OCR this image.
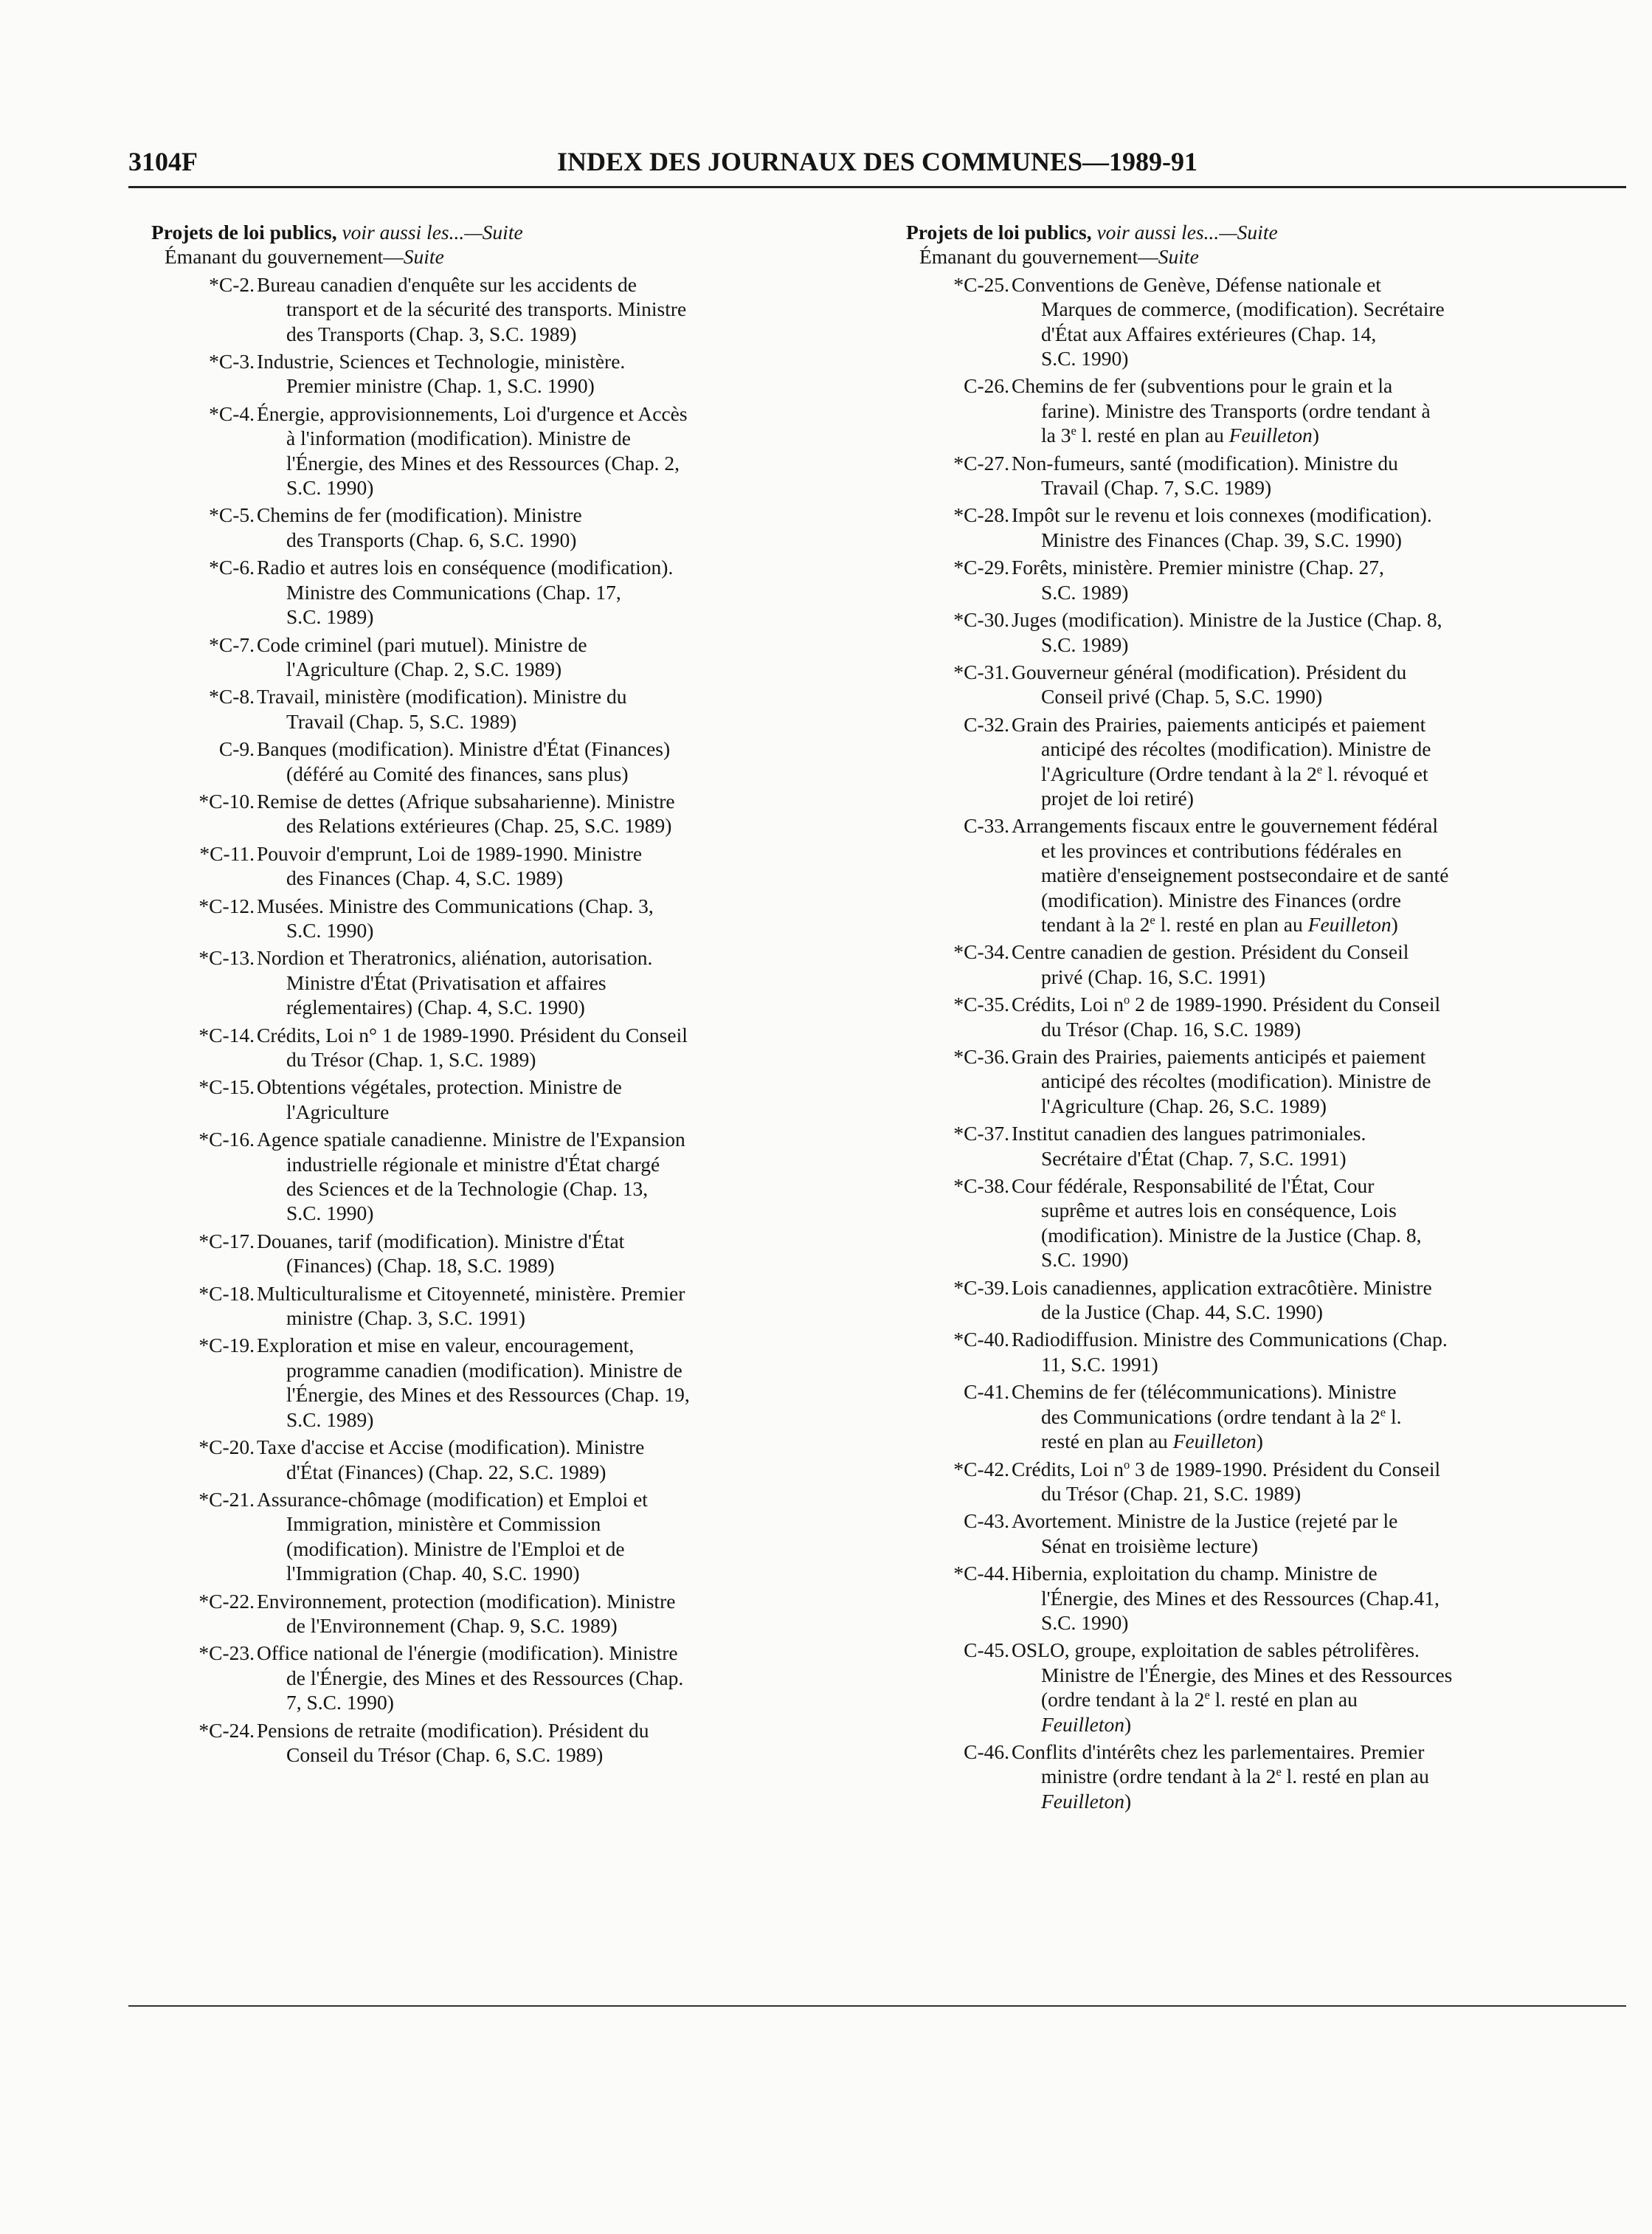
3104F	INDEX DES JOURNAUX DES COMMUNES—1989-91
Projets de loi publics, voir aussi les...—Suite
Émanant du gouvernement—Suite
*C-2. Bureau canadien d'enquête sur les accidents de
transport et de la sécurité des transports. Ministre
des Transports (Chap. 3, S.C. 1989)
*C-3. Industrie, Sciences et Technologie, ministère.
Premier ministre (Chap. 1, S.C. 1990)
*C-4. Énergie, approvisionnements, Loi d'urgence et Accès
à l'information (modification). Ministre de
l'Énergie, des Mines et des Ressources (Chap. 2,
S.C. 1990)
*C-5. Chemins de fer (modification). Ministre
des Transports (Chap. 6, S.C. 1990)
*C-6. Radio et autres lois en conséquence (modification).
Ministre des Communications (Chap. 17,
S.C. 1989)
*C-7. Code criminel (pari mutuel). Ministre de
l'Agriculture (Chap. 2, S.C. 1989)
*C-8. Travail, ministère (modification). Ministre du
Travail (Chap. 5, S.C. 1989)
C-9. Banques (modification). Ministre d'État (Finances)
(déféré au Comité des finances, sans plus)
*C-10. Remise de dettes (Afrique subsaharienne). Ministre
des Relations extérieures (Chap. 25, S.C. 1989)
*C-11. Pouvoir d'emprunt, Loi de 1989-1990. Ministre
des Finances (Chap. 4, S.C. 1989)
*C-12. Musées. Ministre des Communications (Chap. 3,
S.C. 1990)
*C-13. Nordion et Theratronics, aliénation, autorisation.
Ministre d'État (Privatisation et affaires
réglementaires) (Chap. 4, S.C. 1990)
*C-14. Crédits, Loi n° 1 de 1989-1990. Président du Conseil
du Trésor (Chap. 1, S.C. 1989)
*C-15. Obtentions végétales, protection. Ministre de
l'Agriculture
*C-16. Agence spatiale canadienne. Ministre de l'Expansion
industrielle régionale et ministre d'État chargé
des Sciences et de la Technologie (Chap. 13,
S.C. 1990)
*C-17. Douanes, tarif (modification). Ministre d'État
(Finances) (Chap. 18, S.C. 1989)
*C-18. Multiculturalisme et Citoyenneté, ministère. Premier
ministre (Chap. 3, S.C. 1991)
*C-19. Exploration et mise en valeur, encouragement,
programme canadien (modification). Ministre de
l'Énergie, des Mines et des Ressources (Chap. 19,
S.C. 1989)
*C-20. Taxe d'accise et Accise (modification). Ministre
d'État (Finances) (Chap. 22, S.C. 1989)
*C-21. Assurance-chômage (modification) et Emploi et
Immigration, ministère et Commission
(modification). Ministre de l'Emploi et de
l'Immigration (Chap. 40, S.C. 1990)
*C-22. Environnement, protection (modification). Ministre
de l'Environnement (Chap. 9, S.C. 1989)
*C-23. Office national de l'énergie (modification). Ministre
de l'Énergie, des Mines et des Ressources (Chap.
7, S.C. 1990)
*C-24. Pensions de retraite (modification). Président du
Conseil du Trésor (Chap. 6, S.C. 1989)
Projets de loi publics, voir aussi les...—Suite
Émanant du gouvernement—Suite
*C-25. Conventions de Genève, Défense nationale et
Marques de commerce, (modification). Secrétaire
d'État aux Affaires extérieures (Chap. 14,
S.C. 1990)
C-26. Chemins de fer (subventions pour le grain et la
farine). Ministre des Transports (ordre tendant à
la 3e l. resté en plan au Feuilleton)
*C-27. Non-fumeurs, santé (modification). Ministre du
Travail (Chap. 7, S.C. 1989)
*C-28. Impôt sur le revenu et lois connexes (modification).
Ministre des Finances (Chap. 39, S.C. 1990)
*C-29. Forêts, ministère. Premier ministre (Chap. 27,
S.C. 1989)
*C-30. Juges (modification). Ministre de la Justice (Chap. 8,
S.C. 1989)
*C-31. Gouverneur général (modification). Président du
Conseil privé (Chap. 5, S.C. 1990)
C-32. Grain des Prairies, paiements anticipés et paiement
anticipé des récoltes (modification). Ministre de
l'Agriculture (Ordre tendant à la 2e l. révoqué et
projet de loi retiré)
C-33. Arrangements fiscaux entre le gouvernement fédéral
et les provinces et contributions fédérales en
matière d'enseignement postsecondaire et de santé
(modification). Ministre des Finances (ordre
tendant à la 2e l. resté en plan au Feuilleton)
*C-34. Centre canadien de gestion. Président du Conseil
privé (Chap. 16, S.C. 1991)
*C-35. Crédits, Loi $n^o$ 2 de 1989-1990. Président du Conseil
du Trésor (Chap. 16, S.C. 1989)
*C-36. Grain des Prairies, paiements anticipés et paiement
anticipé des récoltes (modification). Ministre de
l'Agriculture (Chap. 26, S.C. 1989)
*C-37. Institut canadien des langues patrimoniales.
Secrétaire d'État (Chap. 7, S.C. 1991)
*C-38. Cour fédérale, Responsabilité de l'État, Cour
suprême et autres lois en conséquence, Lois
(modification). Ministre de la Justice (Chap. 8,
S.C. 1990)
*C-39. Lois canadiennes, application extracôtière. Ministre
de la Justice (Chap. 44, S.C. 1990)
*C-40. Radiodiffusion. Ministre des Communications (Chap.
11, S.C. 1991)
C-41. Chemins de fer (télécommunications). Ministre
des Communications (ordre tendant à la 2e l.
resté en plan au Feuilleton)
*C-42. Crédits, Loi $n^o$ 3 de 1989-1990. Président du Conseil
du Trésor (Chap. 21, S.C. 1989)
C-43. Avortement. Ministre de la Justice (rejeté par le
Sénat en troisième lecture)
*C-44. Hibernia, exploitation du champ. Ministre de
l'Énergie, des Mines et des Ressources (Chap.41,
S.C. 1990)
C-45. OSLO, groupe, exploitation de sables pétrolifères.
Ministre de l'Énergie, des Mines et des Ressources
(ordre tendant à la 2e l. resté en plan au
Feuilleton)
C-46. Conflits d'intérêts chez les parlementaires. Premier
ministre (ordre tendant à la 2e l. resté en plan au
Feuilleton)
